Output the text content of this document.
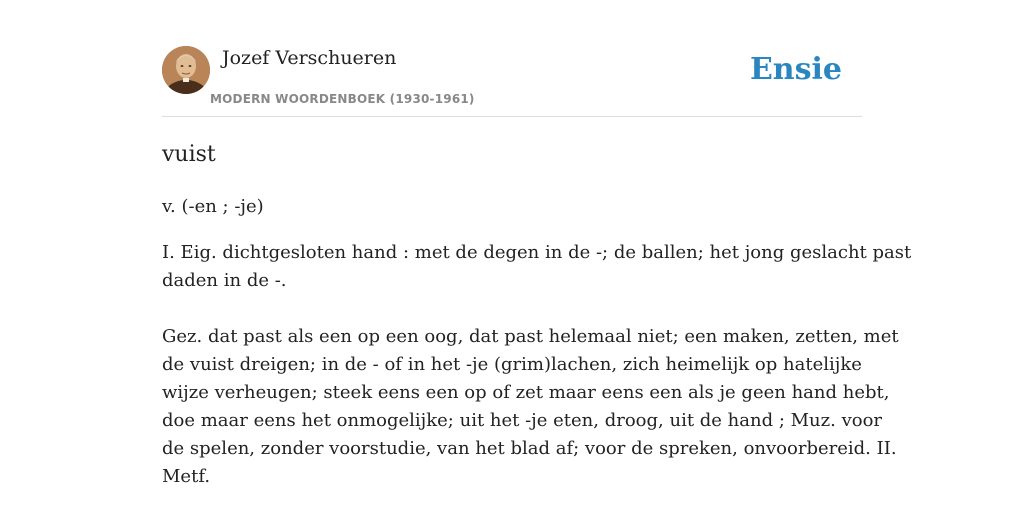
Jozef Verschueren
MODERN WOORDENBOEK (1930-1961)
Ensie
vuist
v. (-en ; -je)

I. Eig. dichtgesloten hand : met de degen in de -; de ballen; het jong geslacht past
daden in de -.

Gez. dat past als een op een oog, dat past helemaal niet; een maken, zetten, met
de vuist dreigen; in de - of in het -je (grim)lachen, zich heimelijk op hatelijke
wijze verheugen; steek eens een op of zet maar eens een als je geen hand hebt,
doe maar eens het onmogelijke; uit het -je eten, droog, uit de hand ; Muz. voor
de spelen, zonder voorstudie, van het blad af; voor de spreken, onvoorbereid. II.
Metf.
